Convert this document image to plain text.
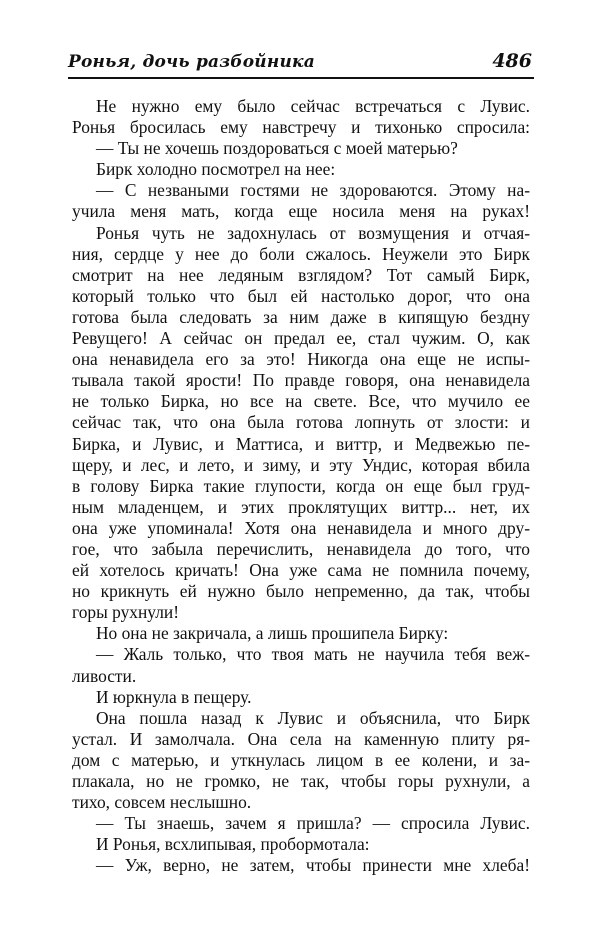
Ронья, дочь разбойника	486
Не нужно ему было сейчас встречаться с Лувис.
Ронья бросилась ему навстречу и тихонько спросила:
— Ты не хочешь поздороваться с моей матерью?
Бирк холодно посмотрел на нее:
— С незваными гостями не здороваются. Этому на-
учила меня мать, когда еще носила меня на руках!
Ронья чуть не задохнулась от возмущения и отчая-
ния, сердце у нее до боли сжалось. Неужели это Бирк
смотрит на нее ледяным взглядом? Тот самый Бирк,
который только что был ей настолько дорог, что она
готова была следовать за ним даже в кипящую бездну
Ревущего! А сейчас он предал ее, стал чужим. О, как
она ненавидела его за это! Никогда она еще не испы-
тывала такой ярости! По правде говоря, она ненавидела
не только Бирка, но все на свете. Все, что мучило ее
сейчас так, что она была готова лопнуть от злости: и
Бирка, и Лувис, и Маттиса, и виттр, и Медвежью пе-
щеру, и лес, и лето, и зиму, и эту Ундис, которая вбила
в голову Бирка такие глупости, когда он еще был груд-
ным младенцем, и этих проклятущих виттр... нет, их
она уже упоминала! Хотя она ненавидела и много дру-
гое, что забыла перечислить, ненавидела до того, что
ей хотелось кричать! Она уже сама не помнила почему,
но крикнуть ей нужно было непременно, да так, чтобы
горы рухнули!
Но она не закричала, а лишь прошипела Бирку:
— Жаль только, что твоя мать не научила тебя веж-
ливости.
И юркнула в пещеру.
Она пошла назад к Лувис и объяснила, что Бирк
устал. И замолчала. Она села на каменную плиту ря-
дом с матерью, и уткнулась лицом в ее колени, и за-
плакала, но не громко, не так, чтобы горы рухнули, а
тихо, совсем неслышно.
— Ты знаешь, зачем я пришла? — спросила Лувис.
И Ронья, всхлипывая, пробормотала:
— Уж, верно, не затем, чтобы принести мне хлеба!
